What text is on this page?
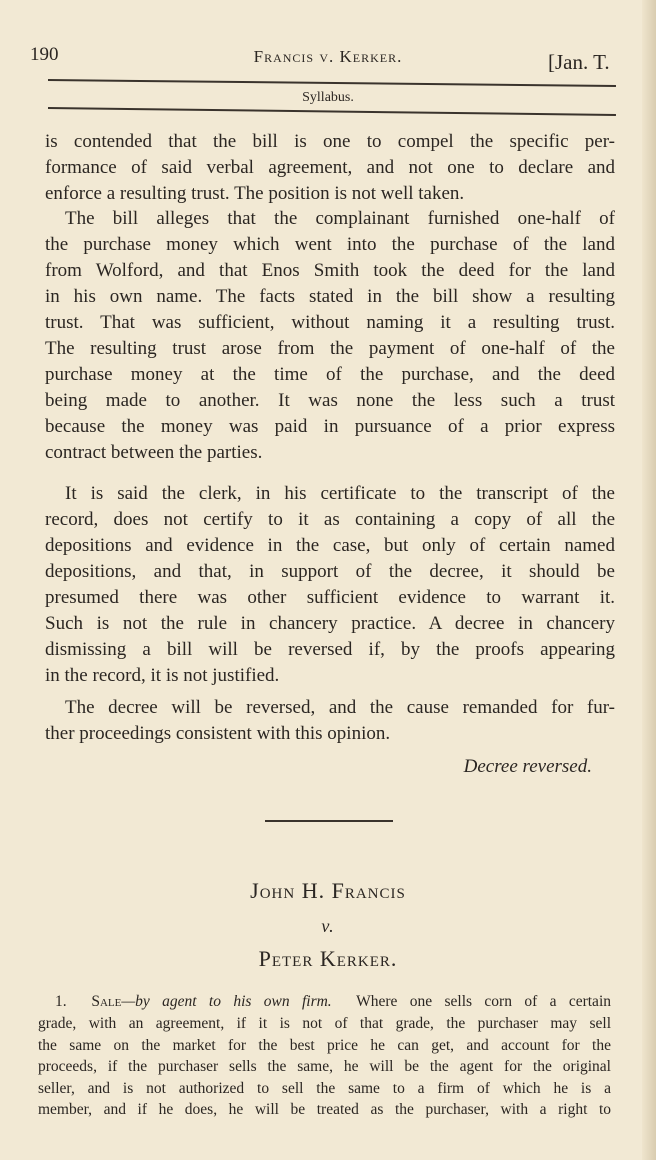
190	Francis v. Kerker.	[Jan. T.
Syllabus.
is contended that the bill is one to compel the specific per-
formance of said verbal agreement, and not one to declare and
enforce a resulting trust. The position is not well taken.
The bill alleges that the complainant furnished one-half of
the purchase money which went into the purchase of the land
from Wolford, and that Enos Smith took the deed for the land
in his own name. The facts stated in the bill show a resulting
trust. That was sufficient, without naming it a resulting trust.
The resulting trust arose from the payment of one-half of the
purchase money at the time of the purchase, and the deed
being made to another. It was none the less such a trust
because the money was paid in pursuance of a prior express
contract between the parties.
It is said the clerk, in his certificate to the transcript of the
record, does not certify to it as containing a copy of all the
depositions and evidence in the case, but only of certain named
depositions, and that, in support of the decree, it should be
presumed there was other sufficient evidence to warrant it.
Such is not the rule in chancery practice. A decree in chancery
dismissing a bill will be reversed if, by the proofs appearing
in the record, it is not justified.
The decree will be reversed, and the cause remanded for fur-
ther proceedings consistent with this opinion.
Decree reversed.
John H. Francis
v.
Peter Kerker.
1. Sale—by agent to his own firm. Where one sells corn of a certain
grade, with an agreement, if it is not of that grade, the purchaser may sell
the same on the market for the best price he can get, and account for the
proceeds, if the purchaser sells the same, he will be the agent for the original
seller, and is not authorized to sell the same to a firm of which he is a
member, and if he does, he will be treated as the purchaser, with a right to
